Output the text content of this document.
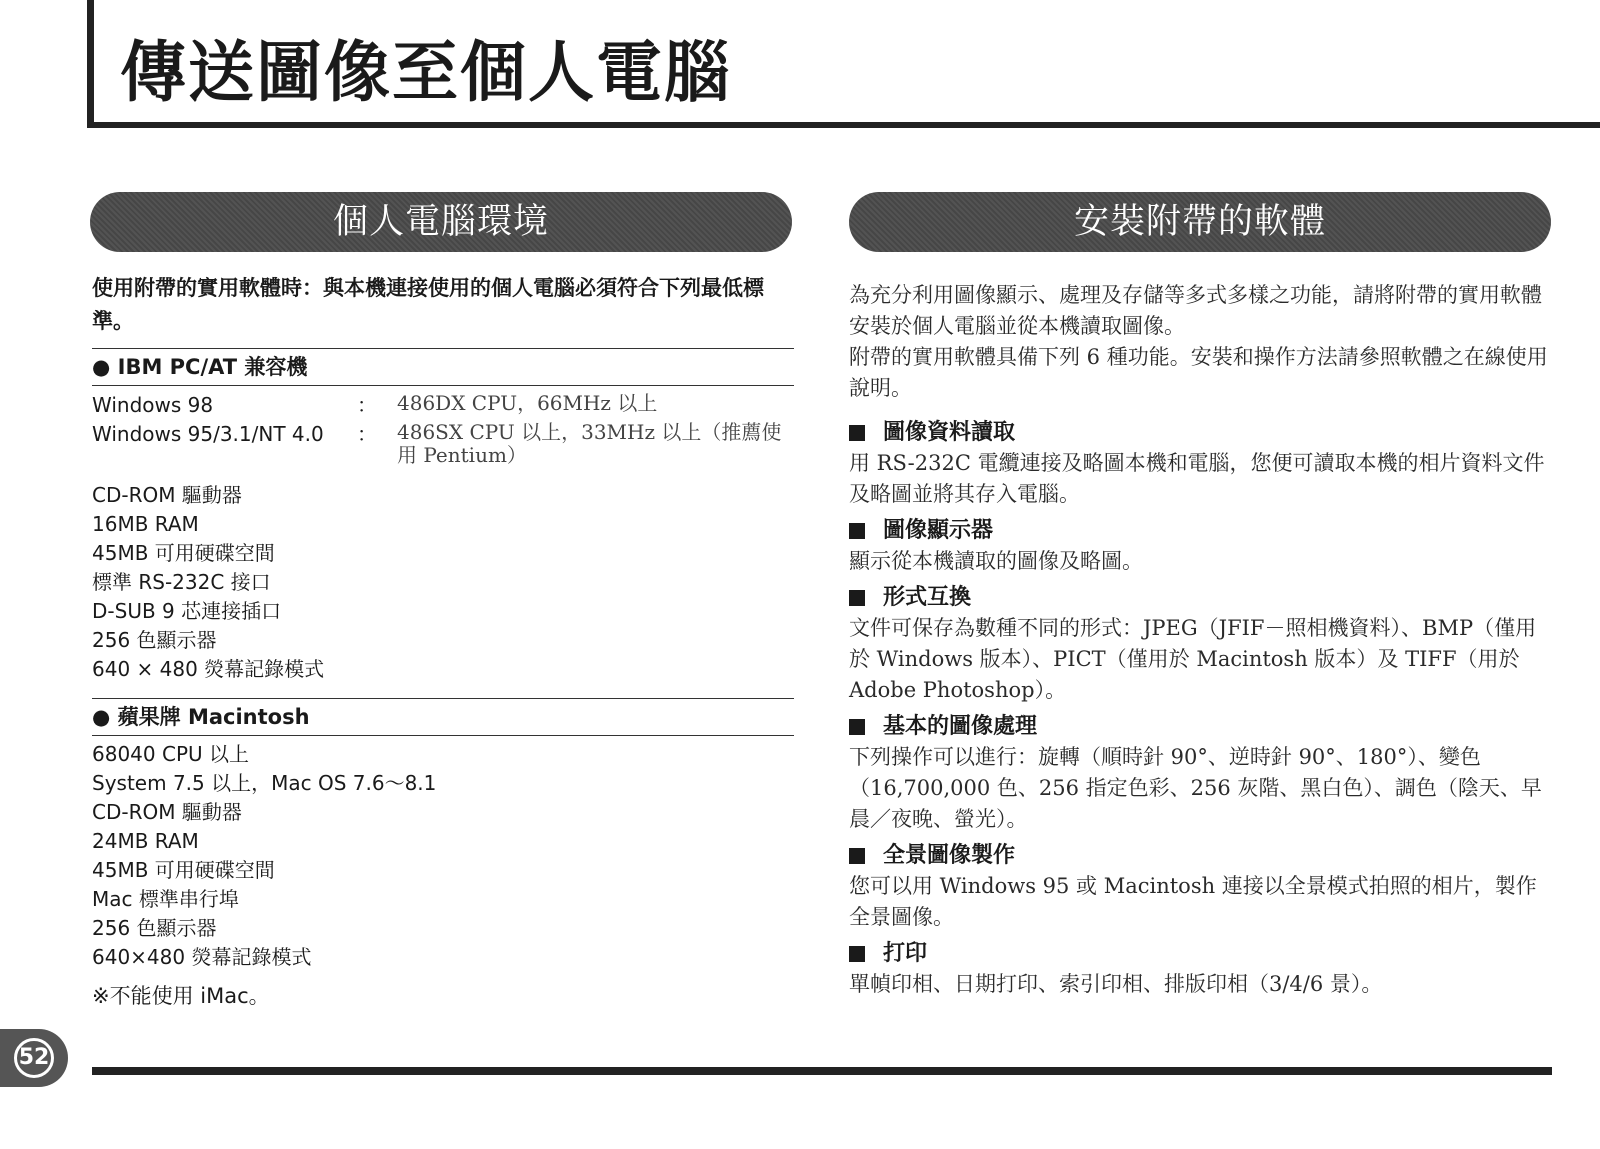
傳送圖像至個人電腦
個人電腦環境	安裝附帶的軟體

使用附帶的實用軟體時：與本機連接使用的個人電腦必須符合下列最低標準。

● IBM PC/AT 兼容機
Windows 98	：	486DX CPU，66MHz 以上
Windows 95/3.1/NT 4.0	：	486SX CPU 以上，33MHz 以上（推薦使用 Pentium）
CD-ROM 驅動器
16MB RAM
45MB 可用硬碟空間
標準 RS-232C 接口
D-SUB 9 芯連接插口
256 色顯示器
640 × 480 熒幕記錄模式
● 蘋果牌 Macintosh
68040 CPU 以上
System 7.5 以上，Mac OS 7.6～8.1
CD-ROM 驅動器
24MB RAM
45MB 可用硬碟空間
Mac 標準串行埠
256 色顯示器
640×480 熒幕記錄模式
※不能使用 iMac。

為充分利用圖像顯示、處理及存儲等多式多樣之功能，請將附帶的實用軟體安裝於個人電腦並從本機讀取圖像。

附帶的實用軟體具備下列 6 種功能。安裝和操作方法請參照軟體之在線使用說明。

圖像資料讀取

用 RS-232C 電纜連接及略圖本機和電腦，您便可讀取本機的相片資料文件及略圖並將其存入電腦。

圖像顯示器

顯示從本機讀取的圖像及略圖。

形式互換

文件可保存為數種不同的形式：JPEG（JFIF－照相機資料）、BMP（僅用於 Windows 版本）、PICT（僅用於 Macintosh 版本）及 TIFF（用於 Adobe Photoshop）。

基本的圖像處理

下列操作可以進行：旋轉（順時針 90°、逆時針 90°、180°）、變色（16,700,000 色、256 指定色彩、256 灰階、黑白色）、調色（陰天、早晨／夜晚、螢光）。

全景圖像製作

您可以用 Windows 95 或 Macintosh 連接以全景模式拍照的相片，製作全景圖像。

打印

單幀印相、日期打印、索引印相、排版印相（3/4/6 景）。

52
